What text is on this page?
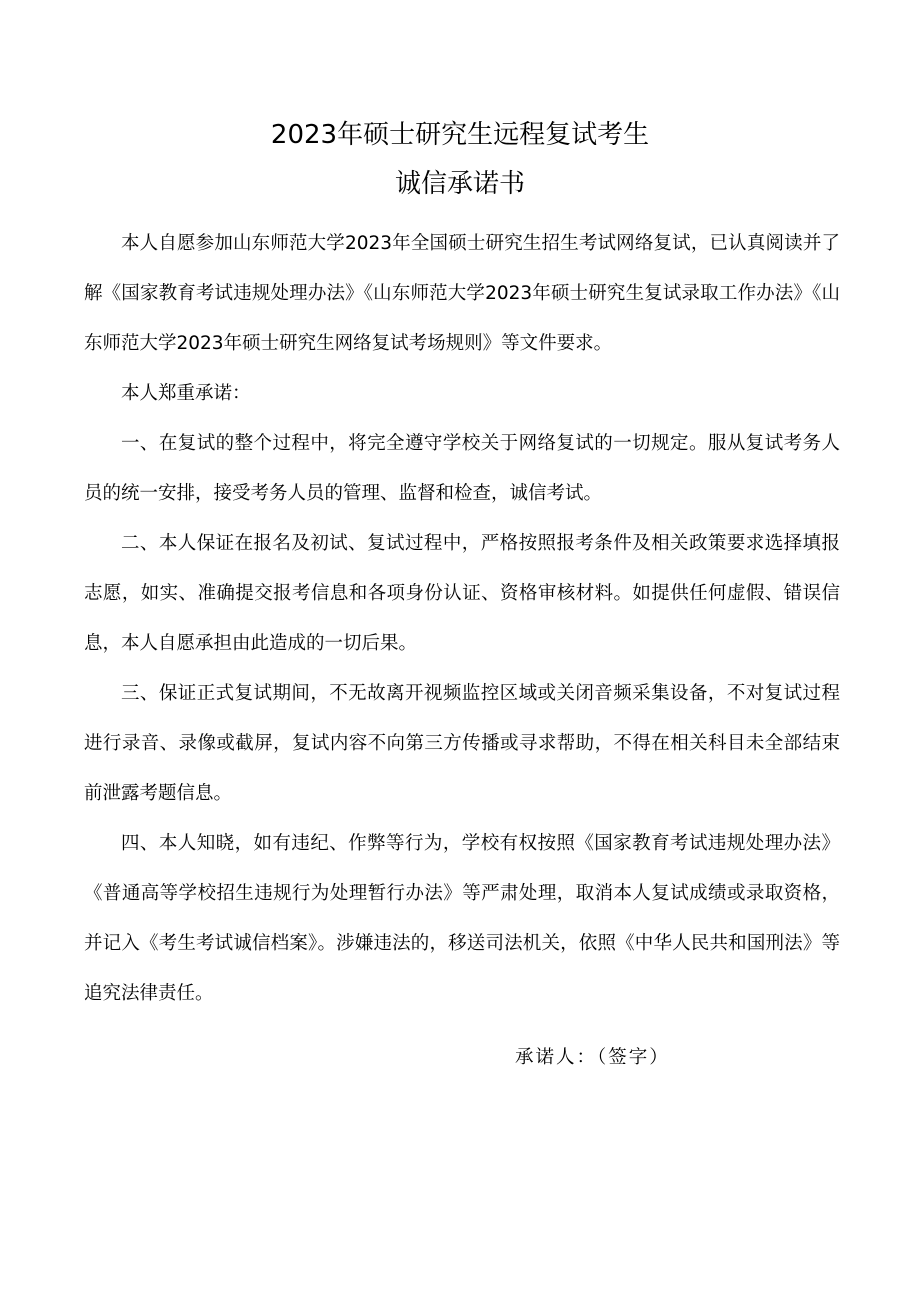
2023年硕士研究生远程复试考生
诚信承诺书

本人自愿参加山东师范大学2023年全国硕士研究生招生考试网络复试，已认真阅读并了解《国家教育考试违规处理办法》《山东师范大学2023年硕士研究生复试录取工作办法》《山东师范大学2023年硕士研究生网络复试考场规则》等文件要求。

本人郑重承诺：

一、在复试的整个过程中，将完全遵守学校关于网络复试的一切规定。服从复试考务人员的统一安排，接受考务人员的管理、监督和检查，诚信考试。

二、本人保证在报名及初试、复试过程中，严格按照报考条件及相关政策要求选择填报志愿，如实、准确提交报考信息和各项身份认证、资格审核材料。如提供任何虚假、错误信息，本人自愿承担由此造成的一切后果。

三、保证正式复试期间，不无故离开视频监控区域或关闭音频采集设备，不对复试过程进行录音、录像或截屏，复试内容不向第三方传播或寻求帮助，不得在相关科目未全部结束前泄露考题信息。

四、本人知晓，如有违纪、作弊等行为，学校有权按照《国家教育考试违规处理办法》《普通高等学校招生违规行为处理暂行办法》等严肃处理，取消本人复试成绩或录取资格，并记入《考生考试诚信档案》。涉嫌违法的，移送司法机关，依照《中华人民共和国刑法》等追究法律责任。

承诺人：（签字）
